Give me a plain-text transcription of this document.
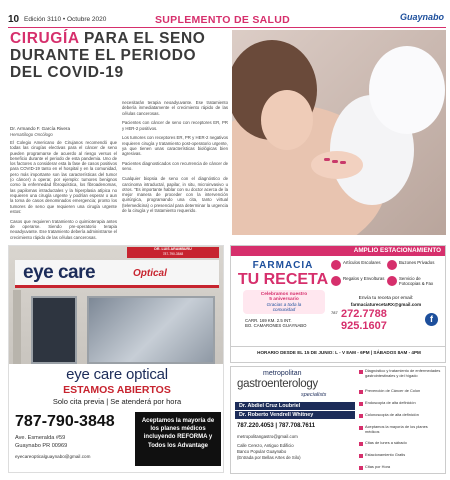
10 Edición 3110 • Octubre 2020	SUPLEMENTO DE SALUD	Guaynabo
CIRUGÍA PARA EL SENO DURANTE EL PERIODO DEL COVID-19
Dr. Armando F. García Rivera
Hematólogo Oncólogo

El Colegio Americano de Cirujanos recomendó que todas las cirugías electivas para el cáncer de seno pueden programarse de acuerdo al riesgo versus el beneficio durante el periodo de esta pandemia. Uno de los factores a considerar esta la fase de casos positivos para COVID-19 tanto en el hospital y en la comunidad, pero más importante son las características del tumor (o cáncer) a operar, por ejemplo: tumores benignos como la enfermedad fibroquística, los fibroadenomas, las papilomas intraductales y la hiperplasia atípica no requieren una cirugía urgente y podrían esperar o aun la toma de casos denominados emergencia; pronto los tumores de seno que requieren una cirugía urgente estos:

Casos que requieren tratamiento o quimioterapia antes de operarse. Siendo pre-operatorio terapia neoadyuvante. Ese tratamiento debería administrarse el crecimiento rápido de las células cancerosas.

necesitarán terapia neoadyuvante. Ese tratamiento debería inmediatamente el crecimiento rápido de las células cancerosas.

Pacientes con cáncer de seno con receptores ER, PR y HER-2 positivos.

Los tumores con receptores ER, PR y HER-2 negativos requieren cirugía y tratamiento post-operatorio urgente, ya que tienen unas características biológicas bien agresivas.

Pacientes diagnosticados con recurrencia de cáncer de seno.

Cualquier biopsia de seno con el diagnóstico de carcinoma intraductal, papilar, in situ, microinvasivo u otros. "Es importante hablar con su doctor acerca de la mejor manera de proceder con la intervención quirúrgica, programando una cita, tanto virtual (telemedicina) o presencial para determinar la urgencia de la cirugía y el tratamiento requerido.

DR. LUIS ARAMBURU
787-790-3848
eye care	Optical
eye care optical
ESTAMOS ABIERTOS
Solo cita previa | Se atenderá por hora
787-790-3848
Ave. Esmeralda #59
Guaynabo PR 00969
eyecareopticalguaynabo@gmail.com
Aceptamos la mayoría de los planes médicos incluyendo REFORMA y Todos los Advantage
AMPLIO ESTACIONAMIENTO
FARMACIA
TU RECETA
Celebramos nuestro
5 aniversario
Gracias a toda la
comunidad
CARR. 169 KM. 2.5 INT.
BO. CAMARONES GUAYNABO
Artículos Escolares	Buzones Privados
Regalos y Envolturas	Servicio de Fotocopias & Fax
Envía tu receta por email:
farmaciaturecetaRX@gmail.com
787 272.7788
925.1607
f
HORARIO DESDE EL 15 DE JUNIO: L - V 8AM - 6PM | SÁBADOS 8AM - 4PM
metropolitan
gastroenterology
specialists
Dr. Abdiel Cruz Loubriel
Dr. Roberto Vendrell Whitney
787.220.4053 | 787.708.7611
metropolitangastro@gmail.com
Calle Cerezo, Antiguo Edificio
Banco Popular Guaynabo
(Entrada por Bellas Artes de Silo)
Diagnóstico y tratamiento de enfermedades gastrointestinales y del hígado
Prevención de Cáncer de Colon
Endoscopia de alta definición
Colonoscopia de alta definición
Aceptamos la mayoría de los planes médicos
Citas de lunes a sábado
Estacionamiento Gratis
Citas por Hora
